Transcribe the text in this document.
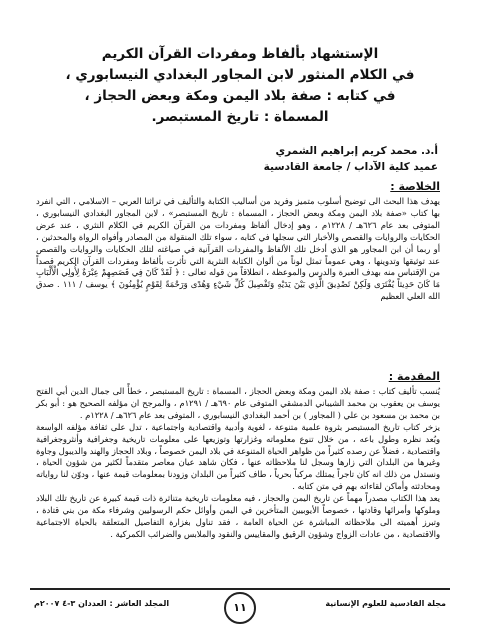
الإستشهاد بألفاظ ومفردات القرآن الكريم
في الكلام المنثور لابن المجاور البغدادي النيسابوري ،
في كتابه : صفة بلاد اليمن ومكة وبعض الحجاز ،
المسماة : تاريخ المستبصر.
أ.د. محمد كريم إبراهيم الشمري
عميد كلية الآداب / جامعة القادسية
الخلاصة :

يهدف هذا البحث الى توضيح أسلوب متميز وفريد من أساليب الكتابة والتأليف في تراثنا العربي – الاسلامي ، التي انفرد بها كتاب «صفة بلاد اليمن ومكة وبعض الحجاز ، المسماة : تاريخ المستبصر» ، لابن المجاور البغدادي النيسابوري ، المتوفى بعد عام ٦٢٦هـ / ١٢٢٨م ، وهو إدخال ألفاظ ومفردات من القرآن الكريم في الكلام النثري ، عند عرض الحكايات والروايات والقصص والأخبار التي سجلها في كتابه ، سواء تلك المنقولة من المصادر وأفواه الرواة والمحدثين ، أو ربما أن ابن المجاور هو الذي أدخل تلك الألفاظ والمفردات القرآنية في صياغته لتلك الحكايات والروايات والقصص عند توثيقها وتدوينها ، وهي عموماً تمثل لوناً من ألوان الكتابة النثرية التي تأثرت بألفاظ ومفردات القرآن الكريم قصداً من الإقتباس منه بهدف العبرة والدرس والموعظة ، انطلاقاً من قوله تعالى : ﴿ لَقَدْ كَانَ فِي قَصَصِهِمْ عِبْرَةٌ لِأُولِي الْأَلْبَابِ مَا كَانَ حَدِيثاً يُفْتَرَى وَلَكِنْ تَصْدِيقَ الَّذِي بَيْنَ يَدَيْهِ وَتَفْصِيلَ كُلِّ شَيْءٍ وَهُدًى وَرَحْمَةً لِقَوْمٍ يُؤْمِنُونَ ﴾ يوسف / ١١١ . صدق الله العلي العظيم

المقدمة :

يُنسب تأليف كتاب : صفة بلاد اليمن ومكة وبعض الحجاز ، المسماة : تاريخ المستبصر ، خطأً الى جمال الدين أبي الفتح يوسف بن يعقوب بن محمد الشيباني الدمشقي المتوفى عام ٦٩٠هـ / ١٢٩١م ، والمرجح ان مؤلفه الصحيح هو : أبو بكر بن محمد بن مسعود بن علي ( المجاور ) بن أحمد البغدادي النيسابوري ، المتوفى بعد عام ٦٢٦هـ / ١٢٢٨م .

يزخر كتاب تاريخ المستبصر بثروة علمية متنوعة ، لغوية وأدبية واقتصادية واجتماعية ، تدل على ثقافة مؤلفه الواسعة وبُعد نظره وطول باعه ، من خلال تنوع معلوماته وغزارتها وتوزيعها على معلومات تاريخية وجغرافية وأنثروجغرافية واقتصادية ، فضلاً عن رصده كثيراً من ظواهر الحياة المتنوعة في بلاد اليمن خصوصاً ، وبلاد الحجاز والهند والديبول وجاوة وغيرها من البلدان التي زارها وسجل لنا ملاحظاته عنها ، فكان شاهد عيان معاصر متقدماً لكثير من شؤون الحياة ، ونستدل من ذلك انه كان تاجراً يمتلك مركباً بحرياً ، طاف كثيراً من البلدان وزودنا بمعلومات قيمة عنها ، ودوّن لنا رواياته ومحادثته وأماكن لقاءاته بهم في متن كتابه .

يعد هذا الكتاب مصدراً مهماً عن تاريخ اليمن والحجاز ، فيه معلومات تاريخية متناثرة ذات قيمة كبيرة عن تاريخ تلك البلاد وملوكها وأمرائها وقادتها ، خصوصاً الأيوبيين المتأخرين في اليمن وأوائل حكم الرسوليين وشرفاء مكة من بني قتادة ، وتبرز أهميته الى ملاحظاته المباشرة عن الحياة العامة ، فقد تناول بغزارة التفاصيل المتعلقة بالحياة الاجتماعية والاقتصادية ، من عادات الزواج وشؤون الرقيق والمقاييس والنقود والملابس والضرائب الكمركية .

مجلة القادسية للعلوم الإنسانية
١١
المجلد العاشر : العددان ٣-٤ ٢٠٠٧م
